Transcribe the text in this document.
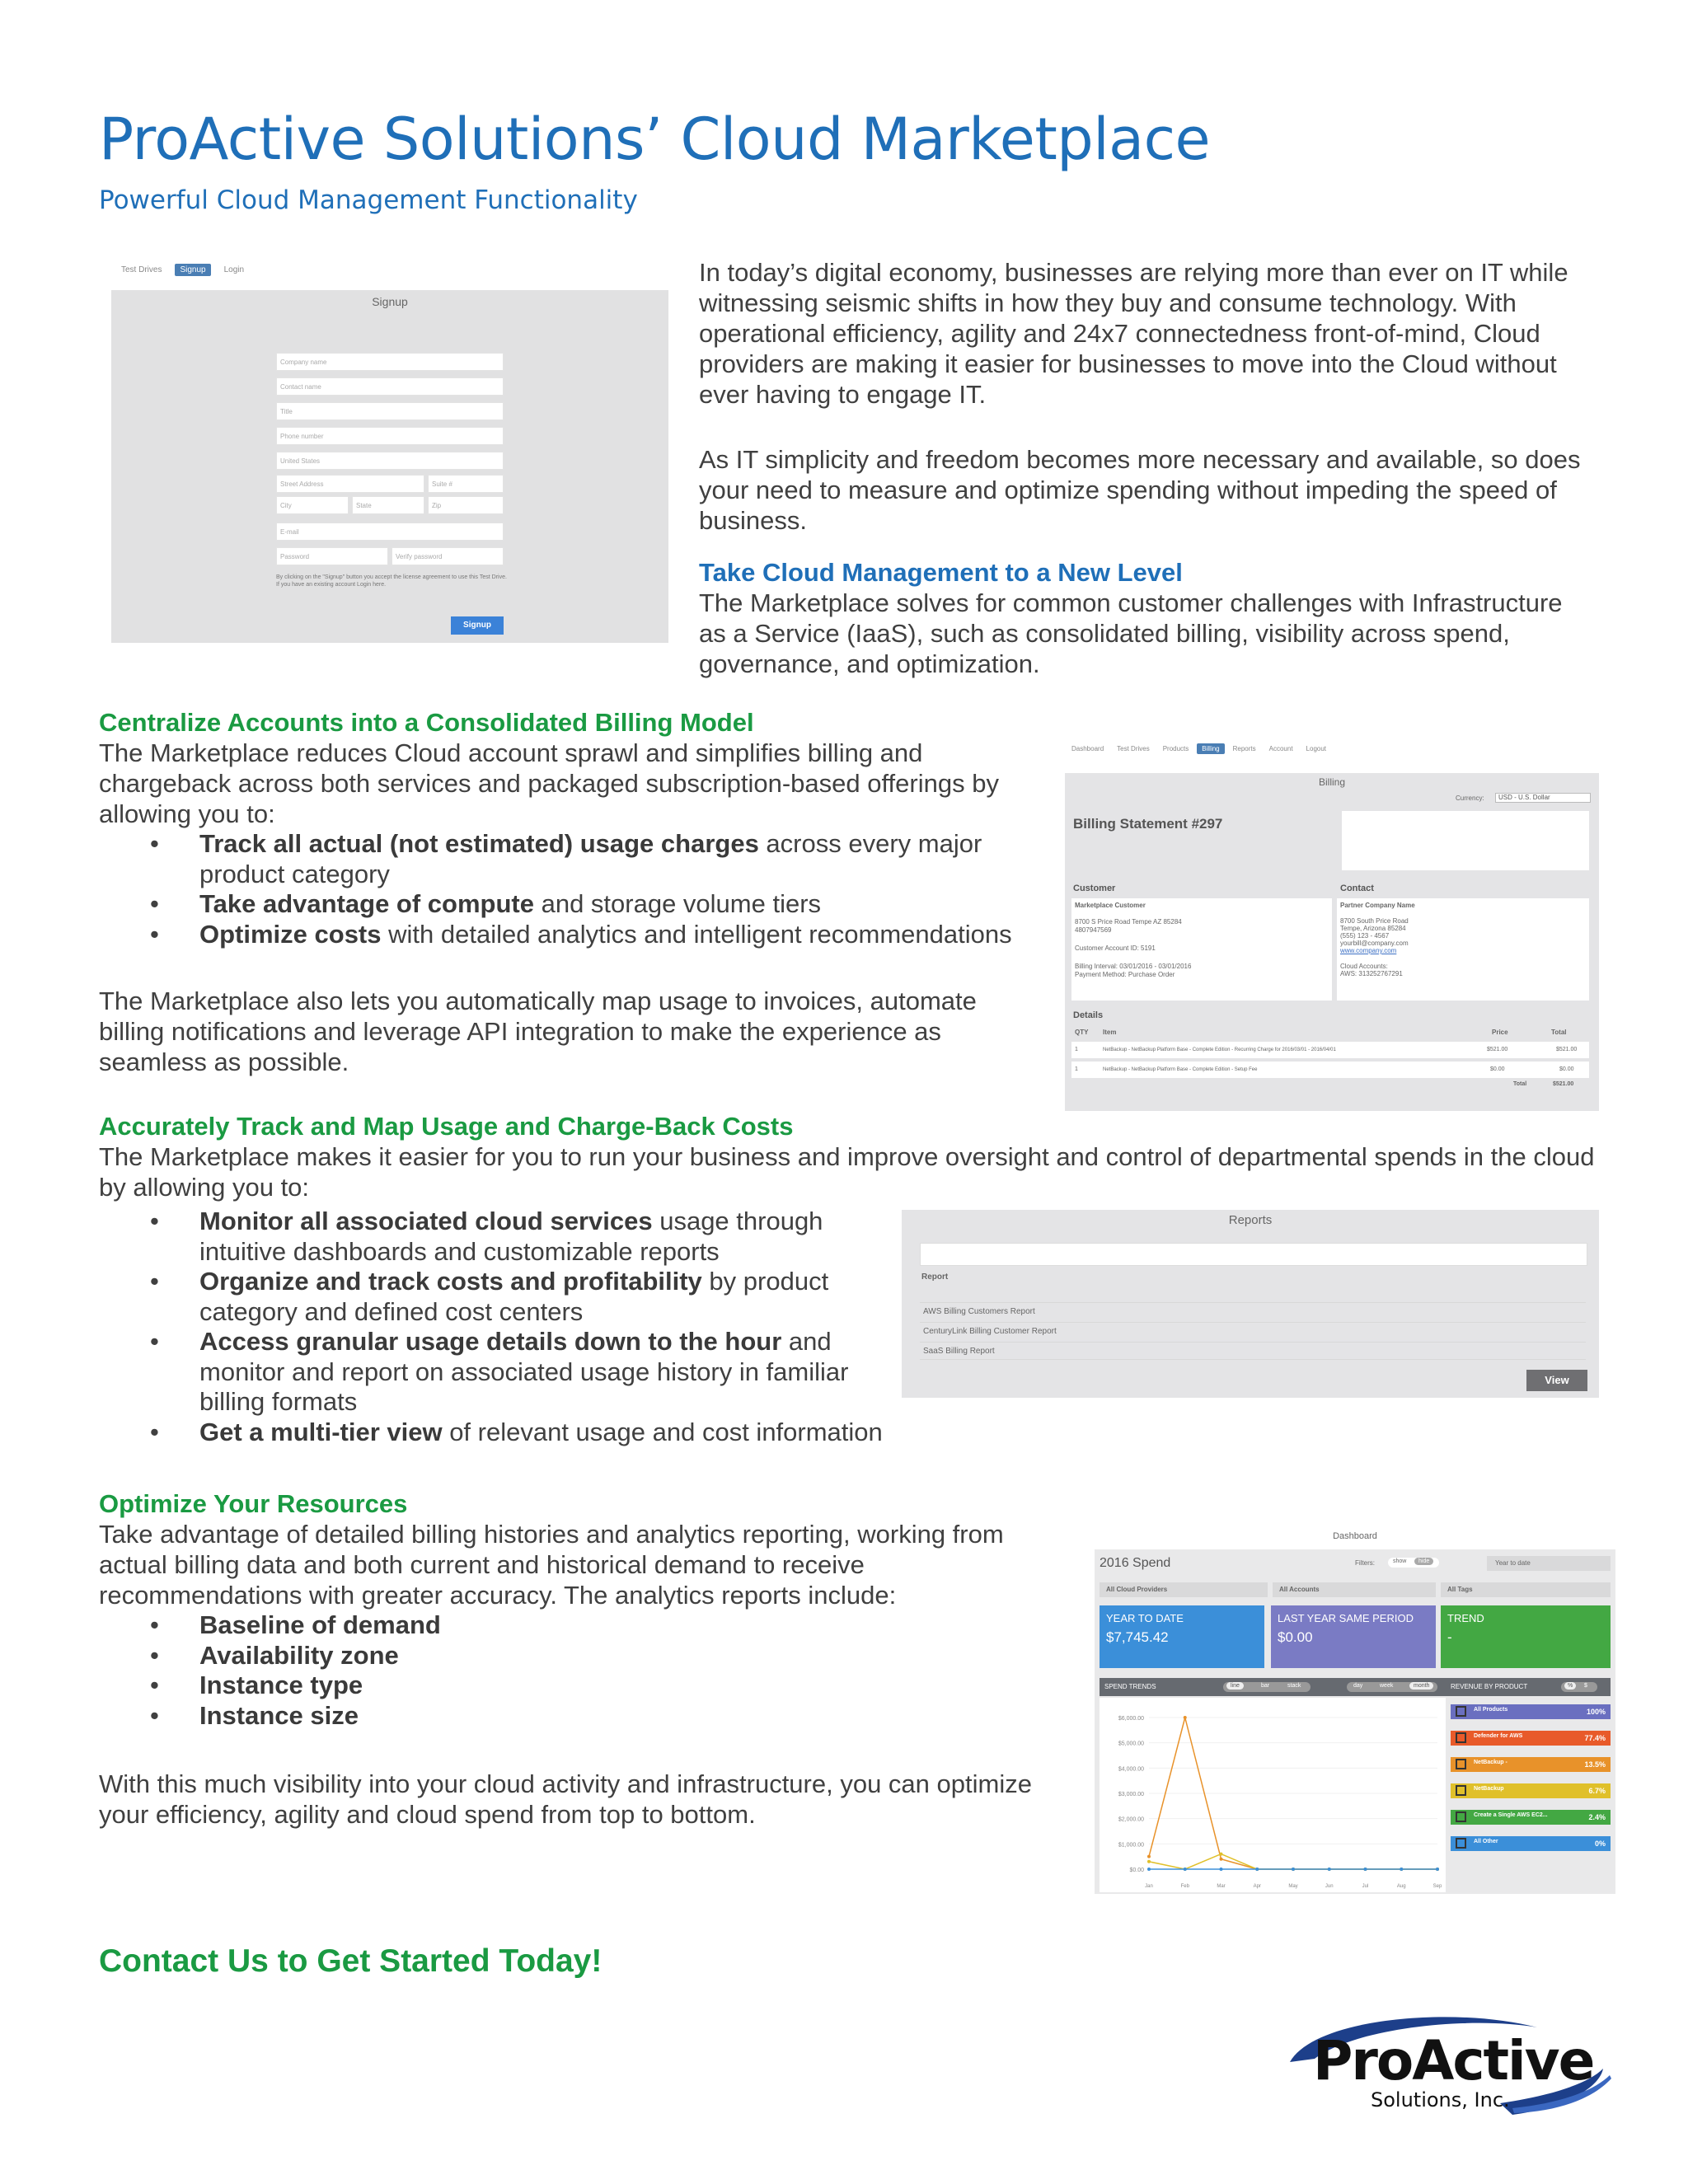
ProActive Solutions’ Cloud Marketplace
Powerful Cloud Management Functionality
Test Drives	Signup	Login
Signup
Company name
Contact name
Title
Phone number
United States
Street Address	Suite #
City	State	Zip
E-mail
Password	Verify password
By clicking on the "Signup" button you accept the license agreement to use this Test Drive. If you have an existing account Login here.
Signup

In today’s digital economy, businesses are relying more than ever on IT while witnessing seismic shifts in how they buy and consume technology. With operational efficiency, agility and 24x7 connectedness front-of-mind, Cloud providers are making it easier for businesses to move into the Cloud without ever having to engage IT.

As IT simplicity and freedom becomes more necessary and available, so does your need to measure and optimize spending without impeding the speed of business.

Take Cloud Management to a New Level

The Marketplace solves for common customer challenges with Infrastructure as a Service (IaaS), such as consolidated billing, visibility across spend, governance, and optimization.

Centralize Accounts into a Consolidated Billing Model
The Marketplace reduces Cloud account sprawl and simplifies billing and chargeback across both services and packaged subscription-based offerings by allowing you to:
• Track all actual (not estimated) usage charges across every major product category
• Take advantage of compute and storage volume tiers
• Optimize costs with detailed analytics and intelligent recommendations
The Marketplace also lets you automatically map usage to invoices, automate billing notifications and leverage API integration to make the experience as seamless as possible.
Dashboard	Test Drives	Products	Billing	Reports	Account	Logout
Billing
Currency:	USD - U.S. Dollar
Billing Statement #297
Customer	Contact
Marketplace Customer
8700 S Price Road Tempe AZ 85284
4807947569
Customer Account ID: 5191
Billing Interval: 03/01/2016 - 03/01/2016
Payment Method: Purchase Order
Partner Company Name
8700 South Price Road
Tempe, Arizona 85284
(555) 123 - 4567
yourbill@company.com
www.company.com
Cloud Accounts:
AWS: 313252767291
Details
QTY Item	Price	Total
1	NetBackup - NetBackup Platform Base - Complete Edition - Recurring Charge for 2016/03/01 - 2016/04/01	$521.00	$521.00
1	NetBackup - NetBackup Platform Base - Complete Edition - Setup Fee	$0.00	$0.00
Total	$521.00
Accurately Track and Map Usage and Charge-Back Costs
The Marketplace makes it easier for you to run your business and improve oversight and control of departmental spends in the cloud by allowing you to:
• Monitor all associated cloud services usage through intuitive dashboards and customizable reports
• Organize and track costs and profitability by product category and defined cost centers
• Access granular usage details down to the hour and monitor and report on associated usage history in familiar billing formats
• Get a multi-tier view of relevant usage and cost information
Reports
Report
AWS Billing Customers Report
CenturyLink Billing Customer Report
SaaS Billing Report
View
Optimize Your Resources
Take advantage of detailed billing histories and analytics reporting, working from actual billing data and both current and historical demand to receive recommendations with greater accuracy. The analytics reports include:
• Baseline of demand
• Availability zone
• Instance type
• Instance size
With this much visibility into your cloud activity and infrastructure, you can optimize your efficiency, agility and cloud spend from top to bottom.
Dashboard
2016 Spend	Filters:	show	hide	Year to date
All Cloud Providers	All Accounts	All Tags
YEAR TO DATE
$7,745.42
LAST YEAR SAME PERIOD
$0.00
TREND
-
SPEND TRENDS	line	bar	stack	day	week	month	REVENUE BY PRODUCT	%	$
$6,000.00
$5,000.00
$4,000.00
$3,000.00
$2,000.00
$1,000.00
$0.00
Jan	Feb	Mar	Apr	May	Jun	Jul	Aug	Sep
All Products	100%
Defender for AWS	77.4%
NetBackup -	13.5%
NetBackup	6.7%
Create a Single AWS EC2...	2.4%
All Other	0%
Contact Us to Get Started Today!
ProActive
Solutions, Inc.
